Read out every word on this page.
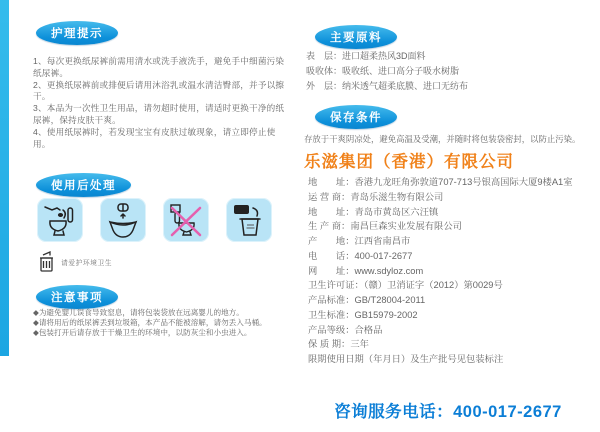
护理提示
1、每次更换纸尿裤前需用清水或洗手液洗手，避免手中细菌污染纸尿裤。
2、更换纸尿裤前或排便后请用沐浴乳或温水清洁臀部，并予以擦干。
3、本品为一次性卫生用品，请勿超时使用，请适时更换干净的纸尿裤，保持皮肤干爽。
4、使用纸尿裤时，若发现宝宝有皮肤过敏现象，请立即停止使用。
使用后处理
请爱护环境卫生
注意事项
◆为避免婴儿误食导致窒息，请将包装袋放在远离婴儿的地方。
◆请将用后的纸尿裤丢到垃圾箱，本产品不能被溶解，请勿丢入马桶。
◆包装打开后请存放于干燥卫生的环境中，以防灰尘和小虫进入。
主要原料
表　层：进口超柔热风3D面料
吸收体：吸收纸、进口高分子吸水树脂
外　层：纳米透气超柔底膜、进口无纺布
保存条件
存放于干爽阴凉处，避免高温及受潮，并随时将包装袋密封，以防止污染。
乐滋集团（香港）有限公司
地　　址：香港九龙旺角弥敦道707-713号银高国际大厦9楼A1室
运 营 商：青岛乐滋生物有限公司
地　　址：青岛市黄岛区六汪镇
生 产 商：南昌巨森实业发展有限公司
产　　地：江西省南昌市
电　　话：400-017-2677
网　　址：www.sdyloz.com
卫生许可证：（赣）卫消证字（2012）第0029号
产品标准：GB/T28004-2011
卫生标准：GB15979-2002
产品等级：合格品
保 质 期：三年
限期使用日期（年月日）及生产批号见包装标注
咨询服务电话：400-017-2677
